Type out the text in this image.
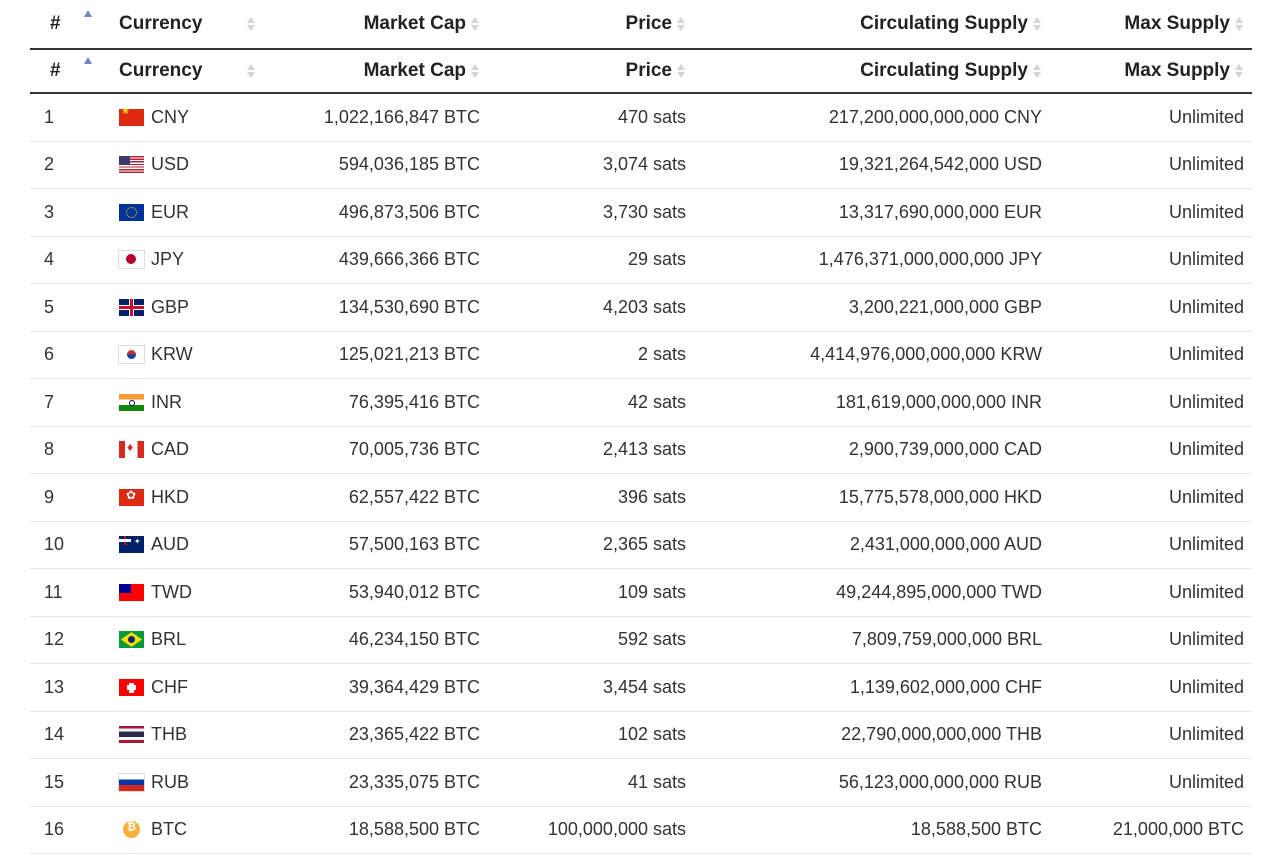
#	Currency	Market Cap	Price	Circulating Supply	Max Supply
#	Currency	Market Cap	Price	Circulating Supply	Max Supply
1 ★	CNY	1,022,166,847 BTC	470 sats	217,200,000,000,000 CNY	Unlimited
2	USD	594,036,185 BTC	3,074 sats	19,321,264,542,000 USD	Unlimited
3	EUR	496,873,506 BTC	3,730 sats	13,317,690,000,000 EUR	Unlimited
4	JPY	439,666,366 BTC	29 sats	1,476,371,000,000,000 JPY	Unlimited
5	GBP	134,530,690 BTC	4,203 sats	3,200,221,000,000 GBP	Unlimited
6	KRW	125,021,213 BTC	2 sats	4,414,976,000,000,000 KRW	Unlimited
7	INR	76,395,416 BTC	42 sats	181,619,000,000,000 INR	Unlimited
8 ♦	CAD	70,005,736 BTC	2,413 sats	2,900,739,000,000 CAD	Unlimited
9 ✿	HKD	62,557,422 BTC	396 sats	15,775,578,000,000 HKD	Unlimited
10 ✦	AUD	57,500,163 BTC	2,365 sats	2,431,000,000,000 AUD	Unlimited
11	TWD	53,940,012 BTC	109 sats	49,244,895,000,000 TWD	Unlimited
12	BRL	46,234,150 BTC	592 sats	7,809,759,000,000 BRL	Unlimited
13	CHF	39,364,429 BTC	3,454 sats	1,139,602,000,000 CHF	Unlimited
14	THB	23,365,422 BTC	102 sats	22,790,000,000,000 THB	Unlimited
15	RUB	23,335,075 BTC	41 sats	56,123,000,000,000 RUB	Unlimited
16 ₿	BTC	18,588,500 BTC	100,000,000 sats	18,588,500 BTC	21,000,000 BTC
